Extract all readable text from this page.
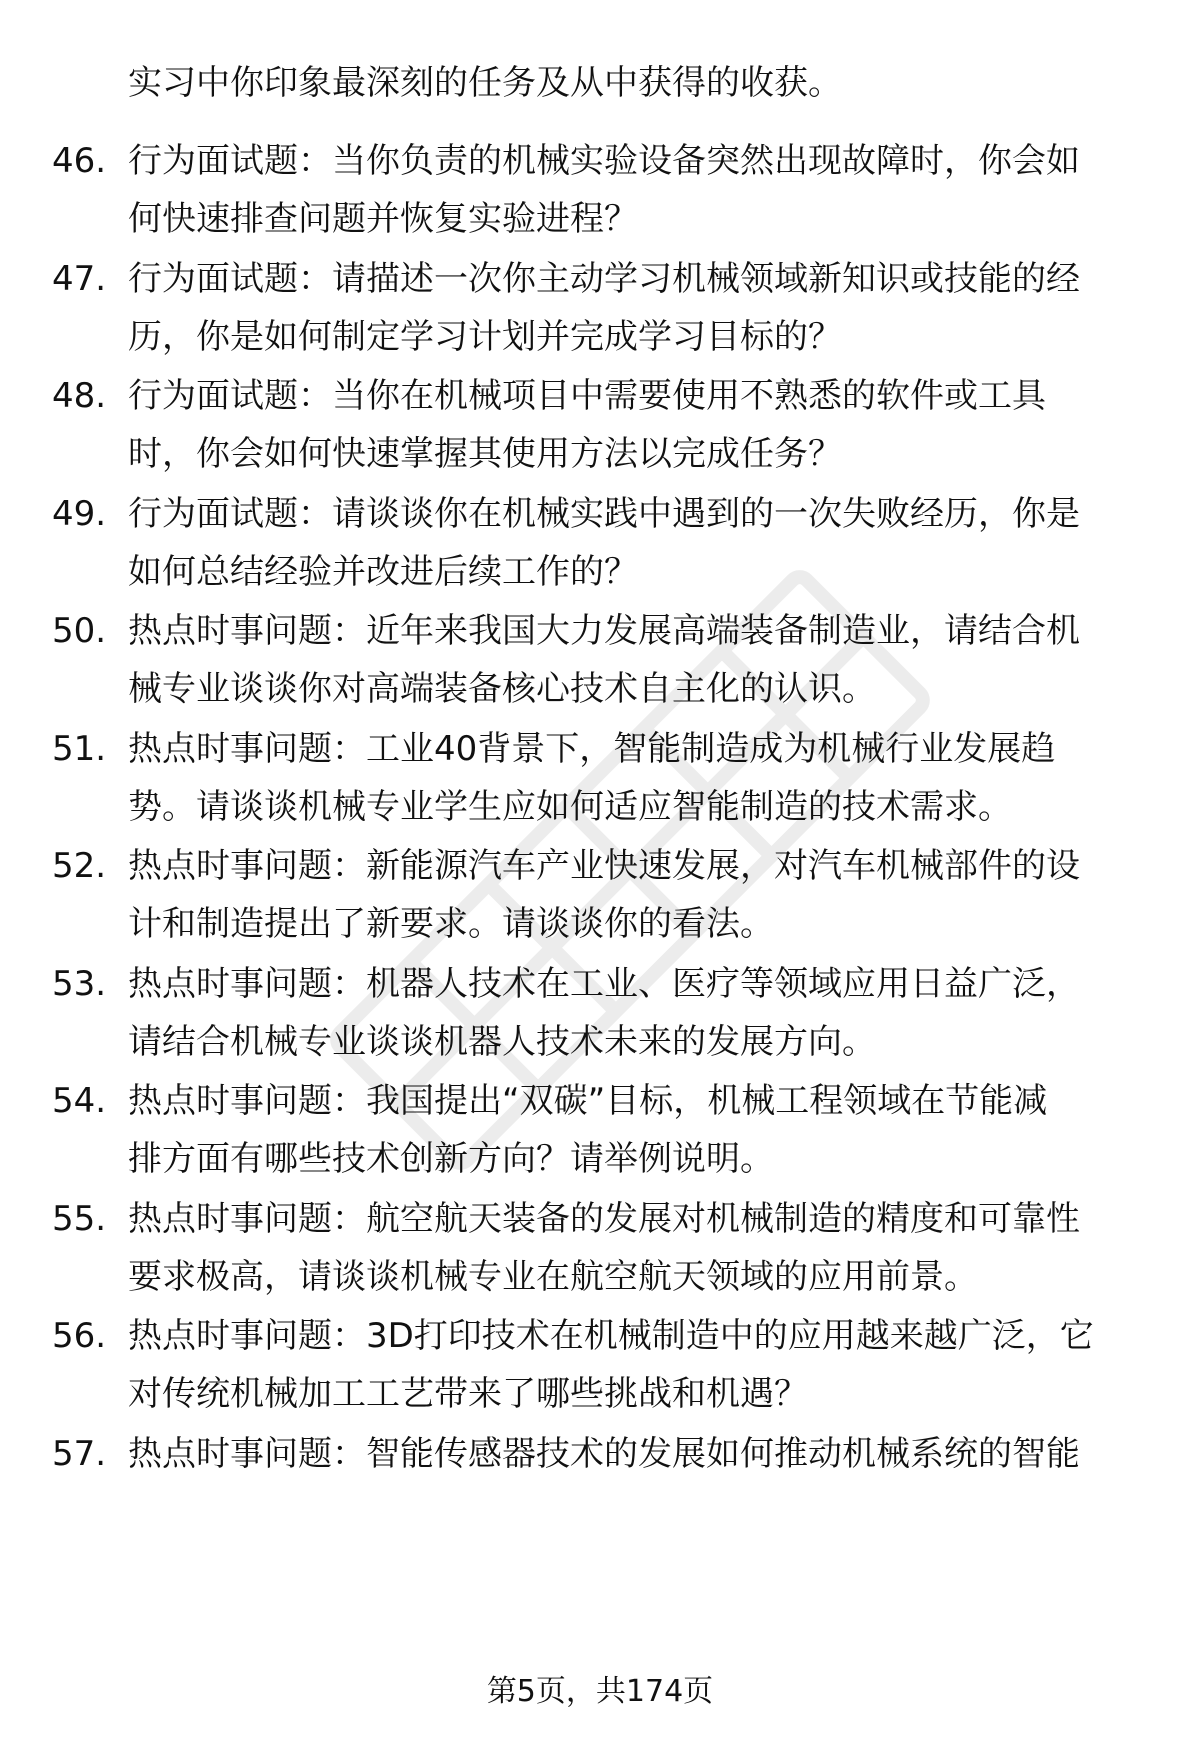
实习中你印象最深刻的任务及从中获得的收获。
46. 行为面试题：当你负责的机械实验设备突然出现故障时，你会如
何快速排查问题并恢复实验进程？
47. 行为面试题：请描述一次你主动学习机械领域新知识或技能的经
历，你是如何制定学习计划并完成学习目标的？
48. 行为面试题：当你在机械项目中需要使用不熟悉的软件或工具
时，你会如何快速掌握其使用方法以完成任务？
49. 行为面试题：请谈谈你在机械实践中遇到的一次失败经历，你是
如何总结经验并改进后续工作的？
50. 热点时事问题：近年来我国大力发展高端装备制造业，请结合机
械专业谈谈你对高端装备核心技术自主化的认识。
51. 热点时事问题：工业40背景下，智能制造成为机械行业发展趋
势。请谈谈机械专业学生应如何适应智能制造的技术需求。
52. 热点时事问题：新能源汽车产业快速发展，对汽车机械部件的设
计和制造提出了新要求。请谈谈你的看法。
53. 热点时事问题：机器人技术在工业、医疗等领域应用日益广泛，
请结合机械专业谈谈机器人技术未来的发展方向。
54. 热点时事问题：我国提出“双碳”目标，机械工程领域在节能减
排方面有哪些技术创新方向？请举例说明。
55. 热点时事问题：航空航天装备的发展对机械制造的精度和可靠性
要求极高，请谈谈机械专业在航空航天领域的应用前景。
56. 热点时事问题：3D打印技术在机械制造中的应用越来越广泛，它
对传统机械加工工艺带来了哪些挑战和机遇？
57. 热点时事问题：智能传感器技术的发展如何推动机械系统的智能
第5页，共174页
